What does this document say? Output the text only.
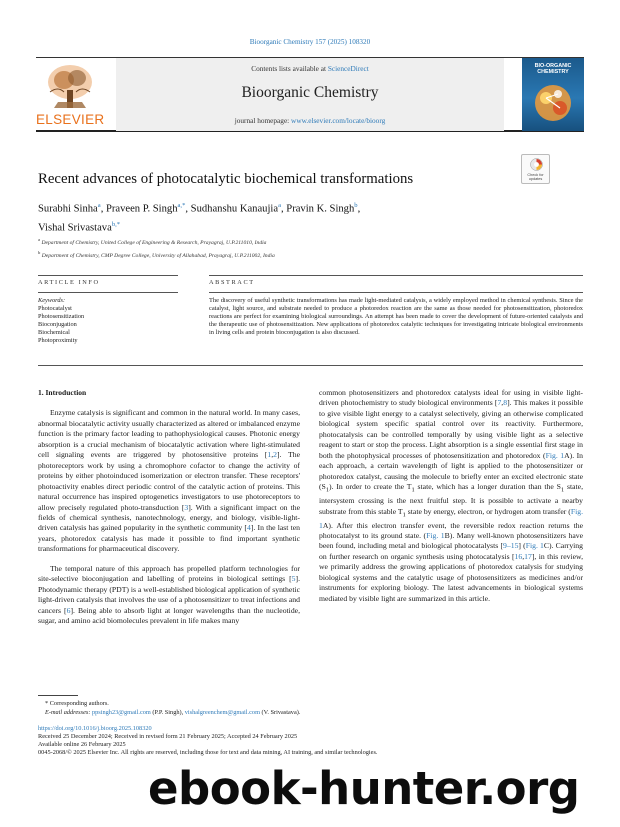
Bioorganic Chemistry 157 (2025) 108320
ELSEVIER
Contents lists available at ScienceDirect
Bioorganic Chemistry
journal homepage: www.elsevier.com/locate/bioorg
BIO-ORGANIC CHEMISTRY
Check for
updates
Recent advances of photocatalytic biochemical transformations
Surabhi Sinha$^a$, Praveen P. Singh$^{a,*}$, Sudhanshu Kanaujia$^a$, Pravin K. Singh$^b$,
Vishal Srivastava$^{b,*}$
$^a$ Department of Chemistry, United College of Engineering & Research, Prayagraj, U.P.211010, India
$^b$ Department of Chemistry, CMP Degree College, University of Allahabad, Prayagraj, U.P.211002, India
ARTICLE INFO	ABSTRACT
Keywords:
Photocatalyst
Photosensitization
Bioconjugation
Biochemical
Photoproximity
The discovery of useful synthetic transformations has made light-mediated catalysis, a widely employed method in chemical synthesis. Since the catalyst, light source, and substrate needed to produce a photoredox reaction are the same as those needed for photosensitization, photoredox reactions are perfect for examining biological surroundings. An attempt has been made to cover the development of future-oriented catalysts and the therapeutic use of photosensitization. New applications of photoredox catalytic techniques for investigating intricate biological environments in living cells and protein bioconjugation is also discussed.
1. Introduction

Enzyme catalysis is significant and common in the natural world. In many cases, abnormal biocatalytic activity usually characterized as altered or imbalanced enzyme function is the primary factor leading to pathophysiological causes. Photonic energy absorption is a crucial mechanism of biocatalytic activation where light-stimulated cell signaling events are triggered by photosensitive proteins [1,2]. The photoreceptors work by using a chromophore cofactor to change the activity of proteins by either photoinduced isomerization or electron transfer. These receptors' photoactivity enables direct periodic control of the catalytic action of proteins. This natural occurrence has inspired optogenetics investigators to use photoreceptors to allow precisely regulated photo-transduction [3]. With a significant impact on the fields of chemical synthesis, nanotechnology, energy, and biology, visible-light-driven catalysis has gained popularity in the synthetic community [4]. In the last ten years, photoredox catalysis has made it possible to find important synthetic transformations for pharmaceutical discovery.

The temporal nature of this approach has propelled platform technologies for site-selective bioconjugation and labelling of proteins in biological settings [5]. Photodynamic therapy (PDT) is a well-established biological application of synthetic light-driven catalysis that involves the use of a photosensitizer to treat infections and cancers [6]. Being able to absorb light at longer wavelengths than the nucleotide, sugar, and amino acid biomolecules prevalent in life makes many

common photosensitizers and photoredox catalysts ideal for using in visible light-driven photochemistry to study biological environments [7,8]. This makes it possible to give visible light energy to a catalyst selectively, giving an otherwise complicated biological system specific spatial control over its reactivity. Furthermore, photocatalysis can be controlled temporally by using visible light as a selective reagent to start or stop the process. Light absorption is a single essential first stage in both the photophysical processes of photosensitization and photoredox (Fig. 1A). In each approach, a certain wavelength of light is applied to the photosensitizer or photoredox catalyst, causing the molecule to briefly enter an excited electronic state $(S_1)$. In order to create the $T_1$ state, which has a longer duration than the $S_1$ state, intersystem crossing is the next fruitful step. It is possible to activate a nearby substrate from this stable $T_1$ state by energy, electron, or hydrogen atom transfer (Fig. 1A). After this electron transfer event, the reversible redox reaction returns the photocatalyst to its ground state. (Fig. 1B). Many well-known photosensitizers have been found, including metal and biological photocatalysts [9–15] (Fig. 1C). Carrying on further research on organic synthesis using photocatalysis [16,17], in this review, we primarily address the growing applications of photoredox catalysis for studying biological systems and the catalytic usage of photosensitizers as medicines and/or instruments for exploring biology. The latest advancements in biological systems mediated by visible light are summarized in this article.

* Corresponding authors.
E-mail addresses: ppsingh23@gmail.com (P.P. Singh), vishalgreenchem@gmail.com (V. Srivastava).
https://doi.org/10.1016/j.bioorg.2025.108320
Received 25 December 2024; Received in revised form 21 February 2025; Accepted 24 February 2025
Available online 26 February 2025
0045-2068/© 2025 Elsevier Inc. All rights are reserved, including those for text and data mining, AI training, and similar technologies.
ebook-hunter.org
